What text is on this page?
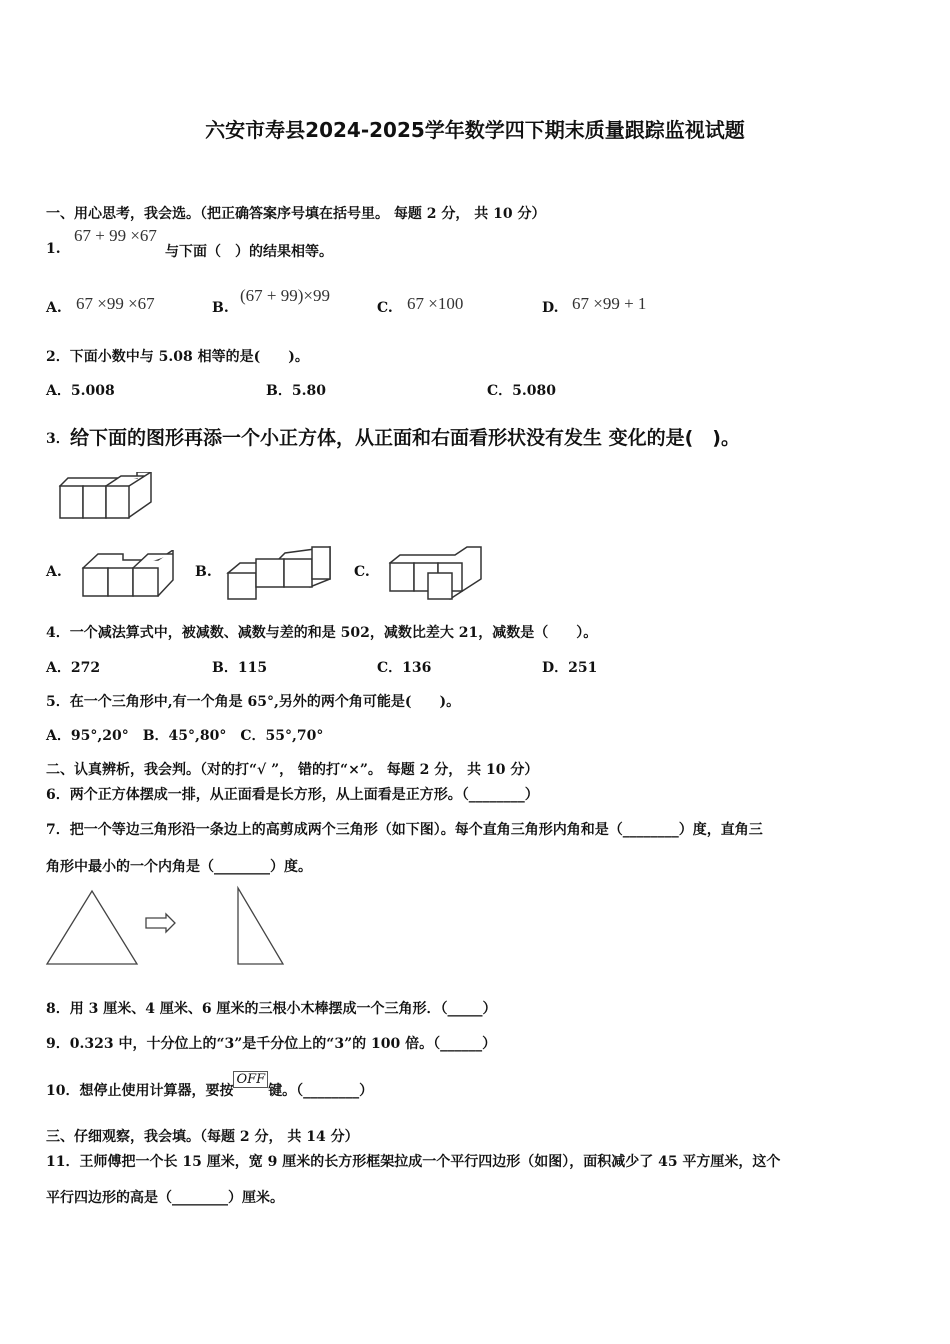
六安市寿县2024-2025学年数学四下期末质量跟踪监视试题
一、用心思考，我会选。（把正确答案序号填在括号里。 每题 2 分， 共 10 分）
1.
67 + 99 ×67
与下面（　）的结果相等。
A. 67 ×99 ×67	B.
(67 + 99)×99
C. 67 ×100	D. 67 ×99 + 1
2．下面小数中与 5.08 相等的是(　　)。
A．5.008	B．5.80	C．5.080
3． 给下面的图形再添一个小正方体，从正面和右面看形状没有发生 变化的是(　)。
A.	B.	C.
4．一个减法算式中，被减数、减数与差的和是 502，减数比差大 21，减数是（　　）。
A．272	B．115	C．136	D．251
5．在一个三角形中,有一个角是 65°,另外的两个角可能是(　　)。
A．95°,20°　B．45°,80°　C．55°,70°
二、认真辨析，我会判。（对的打“√ ”， 错的打“×”。 每题 2 分， 共 10 分）
6．两个正方体摆成一排，从正面看是长方形，从上面看是正方形。（________）
7．把一个等边三角形沿一条边上的高剪成两个三角形（如下图）。每个直角三角形内角和是（________）度，直角三
角形中最小的一个内角是（________）度。
8．用 3 厘米、4 厘米、6 厘米的三根小木棒摆成一个三角形．（_____）
9．0.323 中，十分位上的“3”是千分位上的“3”的 100 倍。（______）
10．想停止使用计算器，要按OFF键。（________）
三、仔细观察，我会填。（每题 2 分， 共 14 分）
11．王师傅把一个长 15 厘米，宽 9 厘米的长方形框架拉成一个平行四边形（如图），面积减少了 45 平方厘米，这个
平行四边形的高是（________）厘米。
